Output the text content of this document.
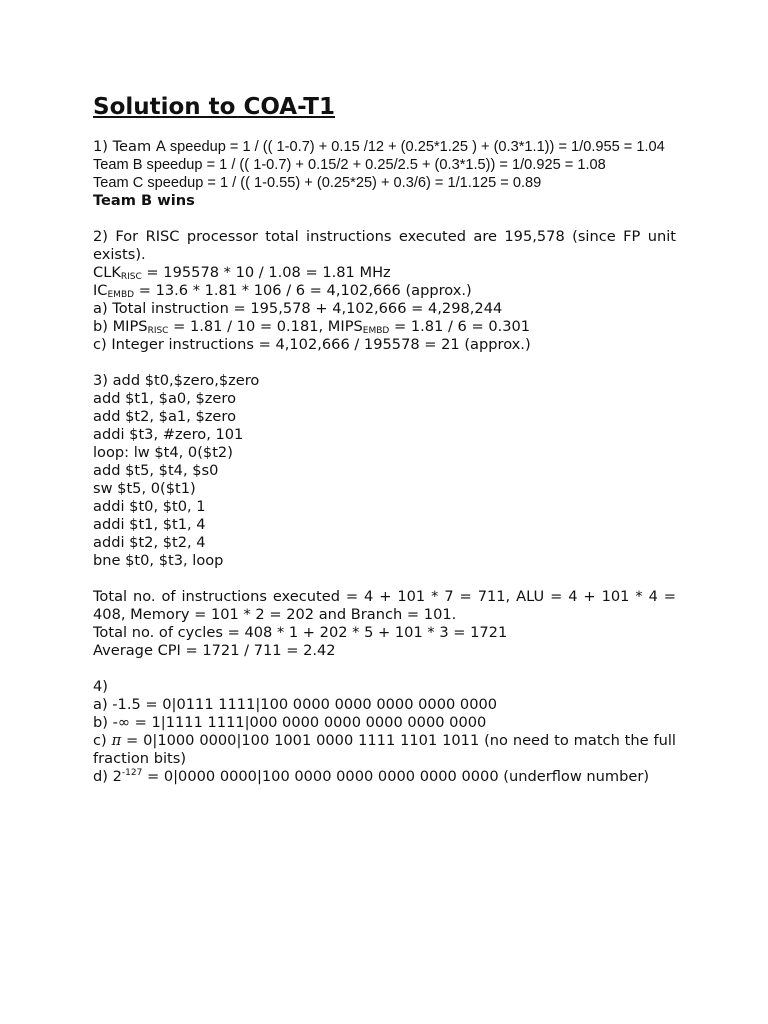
Solution to COA-T1

1) Team A speedup = 1 / (( 1-0.7) + 0.15 /12 + (0.25*1.25 ) + (0.3*1.1)) = 1/0.955 = 1.04

Team B speedup = 1 / (( 1-0.7) + 0.15/2 + 0.25/2.5 + (0.3*1.5)) = 1/0.925 = 1.08

Team C speedup = 1 / (( 1-0.55) + (0.25*25) + 0.3/6) = 1/1.125 = 0.89

Team B wins

2) For RISC processor total instructions executed are 195,578 (since FP unit exists).

$CLK_{RISC} = 195578 * 10 / 1.08 = 1.81$ MHz

$IC_{EMBD} = 13.6 * 1.81 * 106 / 6 = 4,102,666$ (approx.)

a) Total instruction = 195,578 + 4,102,666 = 4,298,244

b) $MIPS_{RISC} = 1.81 / 10 = 0.181$, $MIPS_{EMBD} = 1.81 / 6 = 0.301$

c) Integer instructions = 4,102,666 / 195578 = 21 (approx.)

3) add $t0,$zero,$zero

add $t1, $a0, $zero

add $t2, $a1, $zero

addi $t3, #zero, 101

loop: lw $t4, 0($t2)

add $t5, $t4, $s0

sw $t5, 0($t1)

addi $t0, $t0, 1

addi $t1, $t1, 4

addi $t2, $t2, 4

bne $t0, $t3, loop

Total no. of instructions executed = 4 + 101 * 7 = 711, ALU = 4 + 101 * 4 = 408, Memory = 101 * 2 = 202 and Branch = 101.

Total no. of cycles = 408 * 1 + 202 * 5 + 101 * 3 = 1721

Average CPI = 1721 / 711 = 2.42

4)

a) -1.5 = 0|0111 1111|100 0000 0000 0000 0000 0000

b) -∞ = 1|1111 1111|000 0000 0000 0000 0000 0000

c) π = 0|1000 0000|100 1001 0000 1111 1101 1011 (no need to match the full fraction bits)

d) $2^{-127} = 0|0000$ 0000|100 0000 0000 0000 0000 0000 (underflow number)
